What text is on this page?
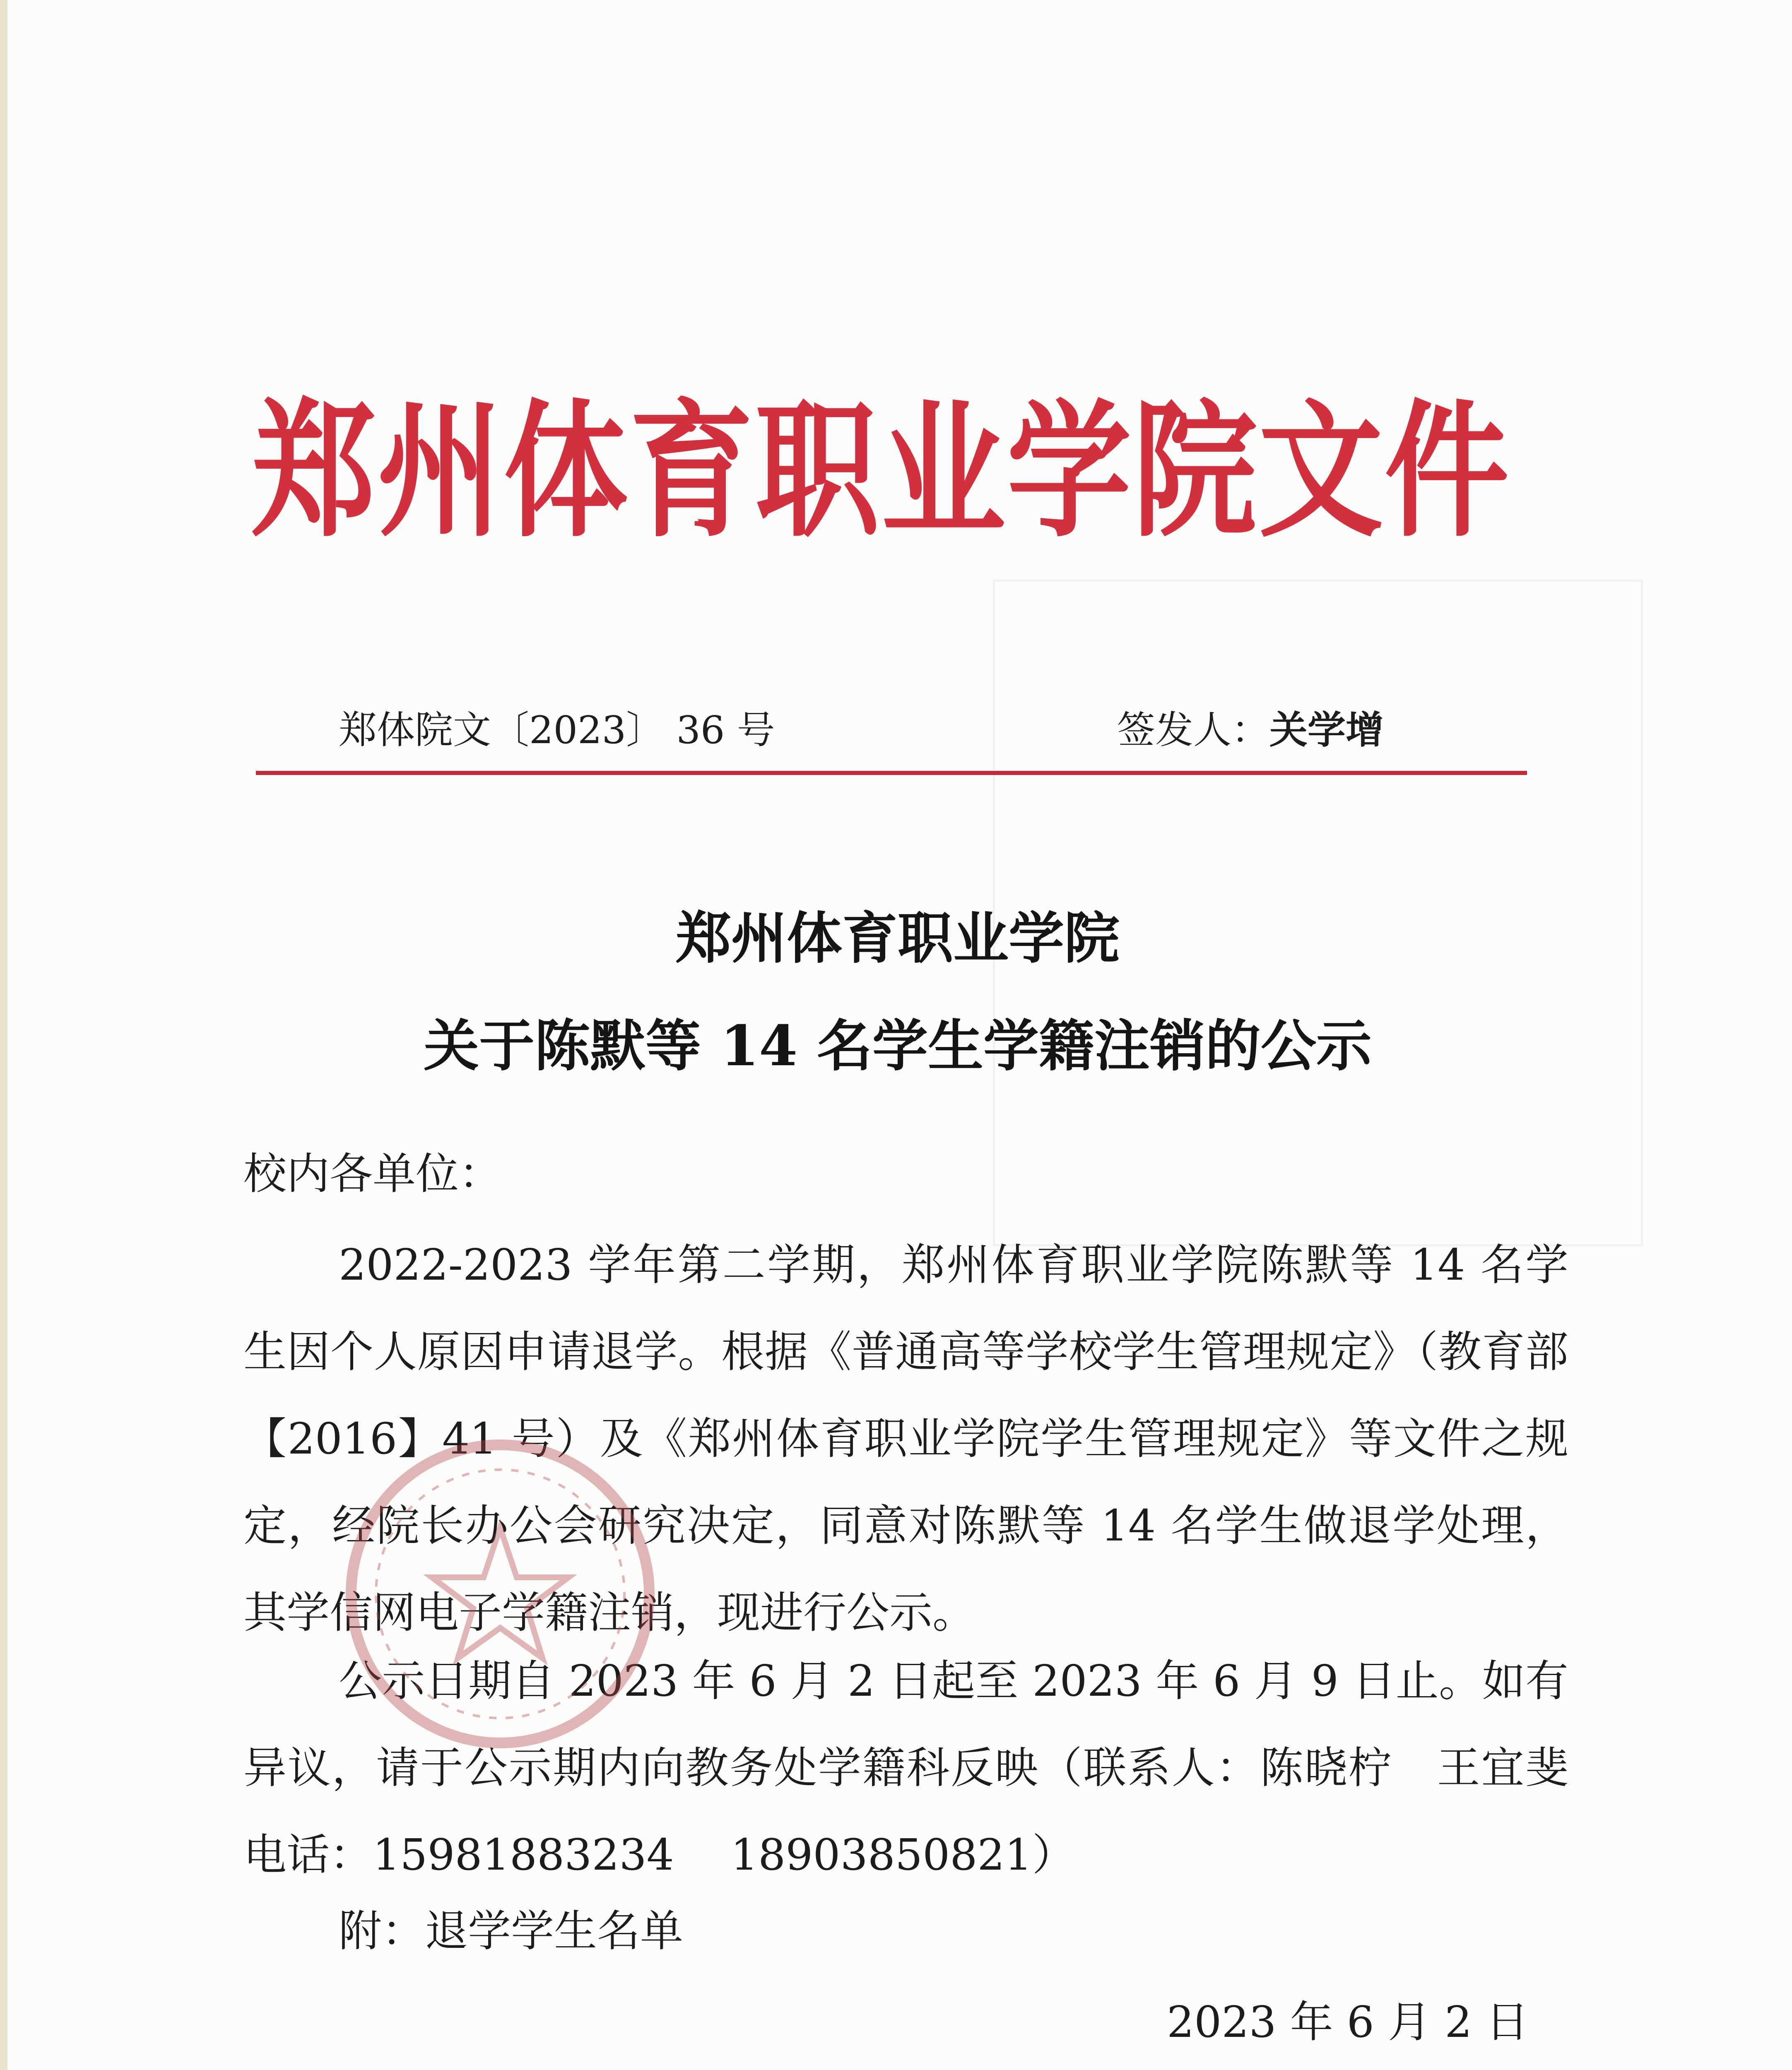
郑州体育职业学院文件
郑体院文〔2023〕 36 号	签发人：关学增
郑州体育职业学院
关于陈默等 14 名学生学籍注销的公示
校内各单位：
2022-2023 学年第二学期，郑州体育职业学院陈默等 14 名学生因个人原因申请退学。根据《普通高等学校学生管理规定》（教育部【2016】41 号）及《郑州体育职业学院学生管理规定》等文件之规定，经院长办公会研究决定，同意对陈默等 14 名学生做退学处理，其学信网电子学籍注销，现进行公示。
公示日期自 2023 年 6 月 2 日起至 2023 年 6 月 9 日止。如有异议，请于公示期内向教务处学籍科反映（联系人：陈晓柠　王宜斐 电话：15981883234　 18903850821）
附：退学学生名单
2023 年 6 月 2 日
